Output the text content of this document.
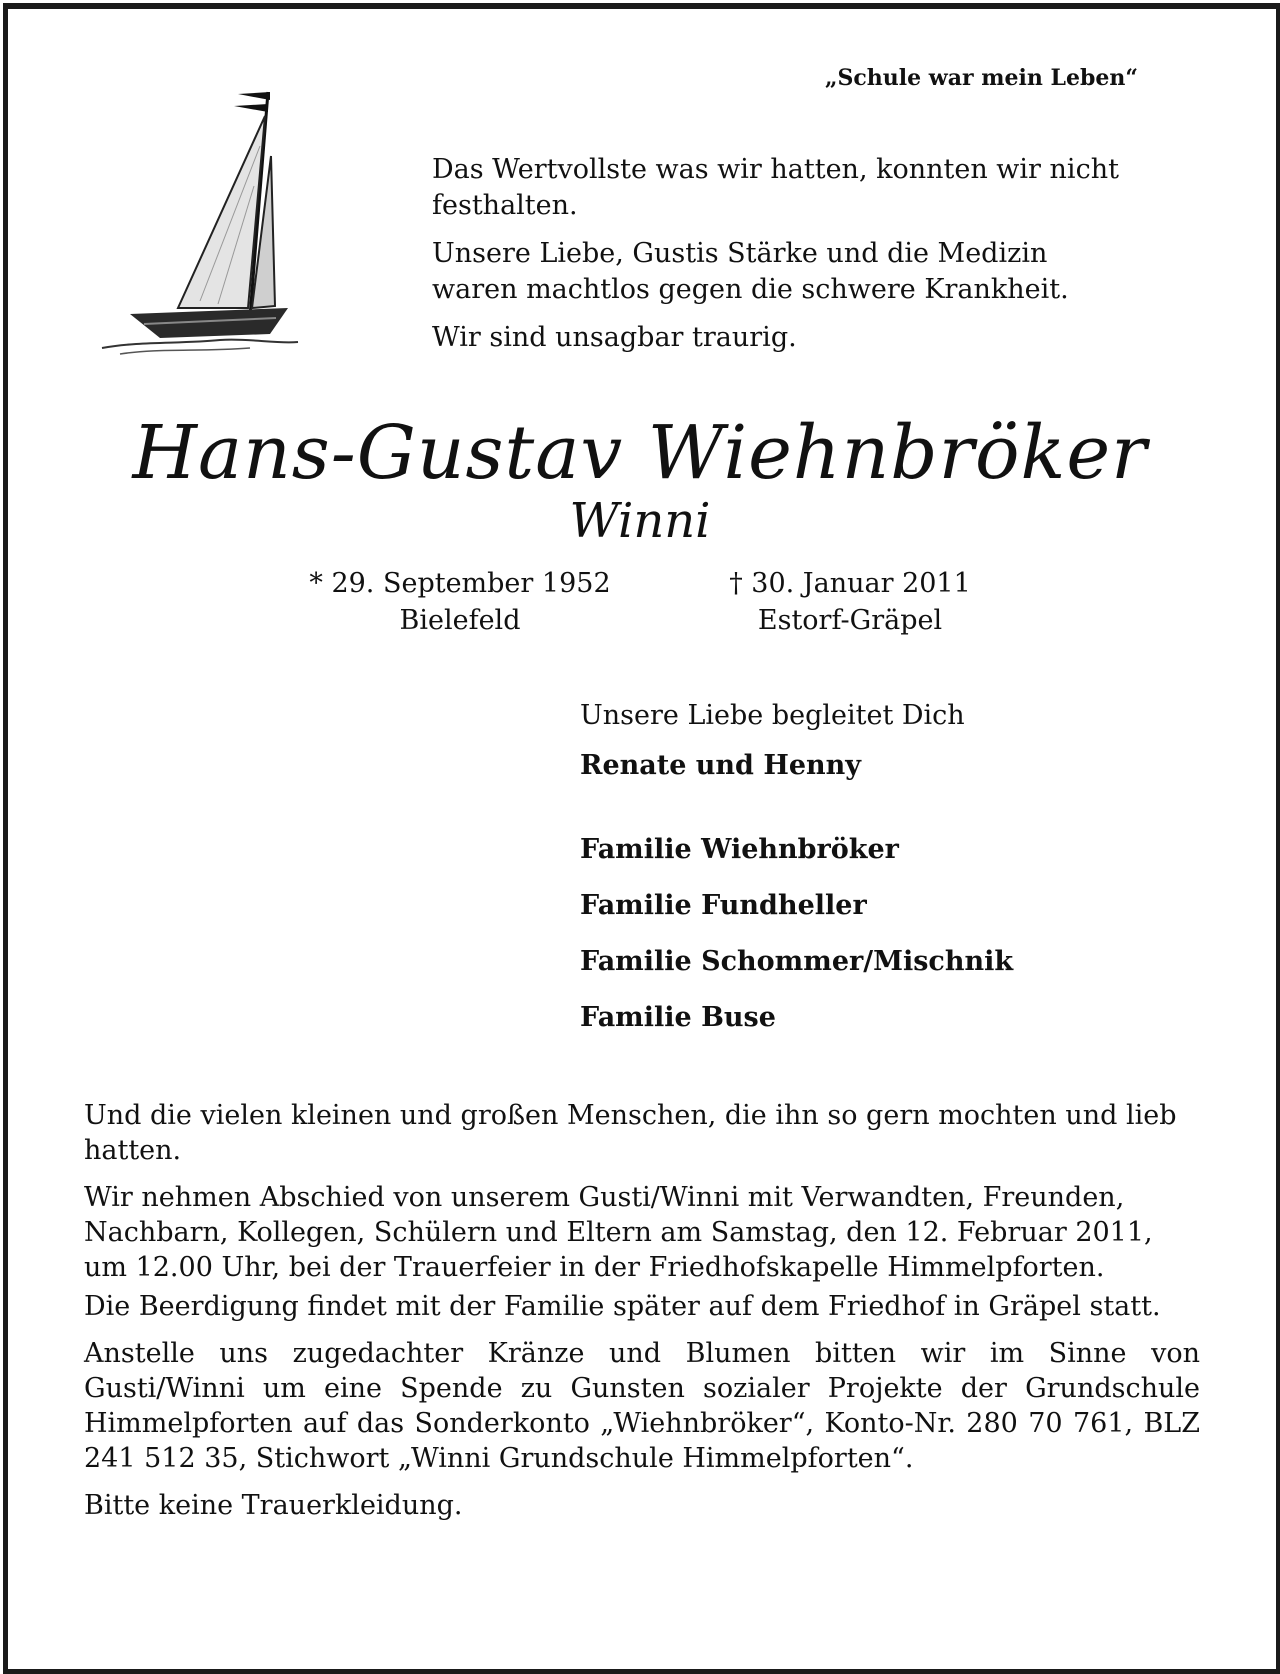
„Schule war mein Leben“

Das Wertvollste was wir hatten, konnten wir nicht festhalten.

Unsere Liebe, Gustis Stärke und die Medizin waren machtlos gegen die schwere Krankheit.

Wir sind unsagbar traurig.

Hans-Gustav Wiehnbröker
Winni
* 29. September 1952
Bielefeld
† 30. Januar 2011
Estorf-Gräpel

Unsere Liebe begleitet Dich

Renate und Henny

Familie Wiehnbröker

Familie Fundheller

Familie Schommer/Mischnik

Familie Buse

Und die vielen kleinen und großen Menschen, die ihn so gern mochten und lieb hatten.

Wir nehmen Abschied von unserem Gusti/Winni mit Verwandten, Freunden, Nachbarn, Kollegen, Schülern und Eltern am Samstag, den 12. Februar 2011, um 12.00 Uhr, bei der Trauerfeier in der Friedhofskapelle Himmelpforten.

Die Beerdigung findet mit der Familie später auf dem Friedhof in Gräpel statt.

Anstelle uns zugedachter Kränze und Blumen bitten wir im Sinne von Gusti/Winni um eine Spende zu Gunsten sozialer Projekte der Grundschule Himmelpforten auf das Sonderkonto „Wiehnbröker“, Konto-Nr. 280 70 761, BLZ 241 512 35, Stichwort „Winni Grundschule Himmelpforten“.

Bitte keine Trauerkleidung.
